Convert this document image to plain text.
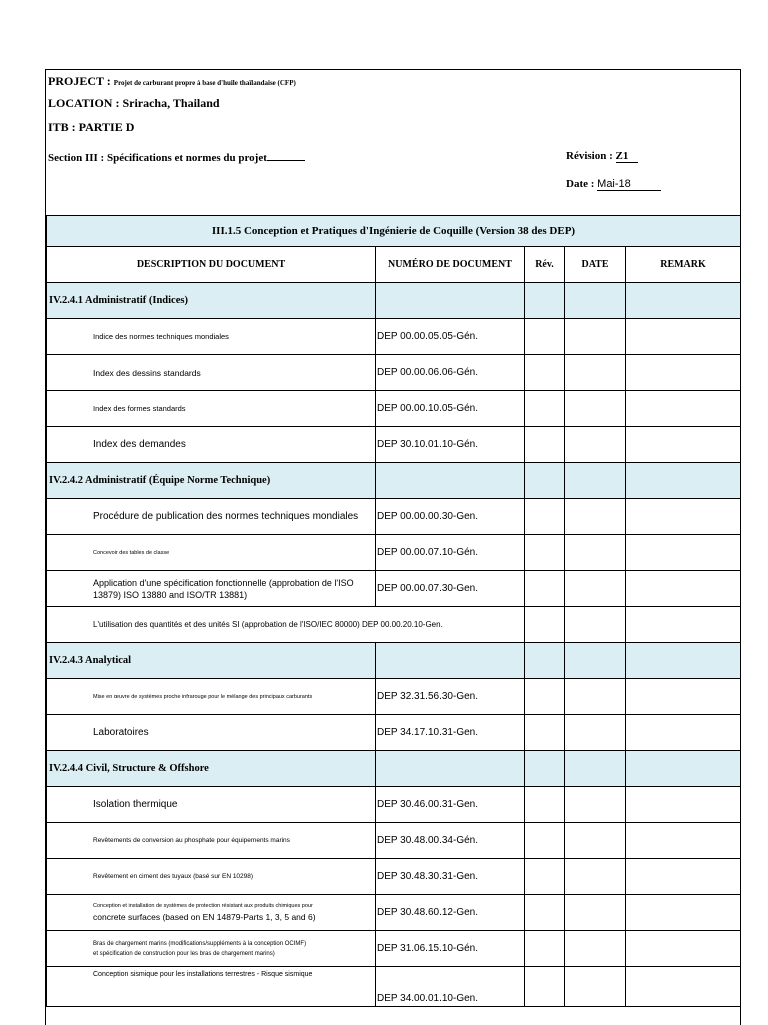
PROJECT : Projet de carburant propre à base d'huile thaïlandaise (CFP)
LOCATION : Sriracha, Thailand
ITB : PARTIE D
Section III : Spécifications et normes du projet	Révision : Z1
Date : Mai-18
III.1.5 Conception et Pratiques d'Ingénierie de Coquille (Version 38 des DEP)				
DESCRIPTION DU DOCUMENT	NUMÉRO DE DOCUMENT	Rév.	DATE	REMARK
IV.2.4.1 Administratif (Indices)				
Indice des normes techniques mondiales	DEP 00.00.05.05-Gén.			
Index des dessins standards	DEP 00.00.06.06-Gén.			
Index des formes standards	DEP 00.00.10.05-Gén.			
Index des demandes	DEP 30.10.01.10-Gén.			
IV.2.4.2 Administratif (Équipe Norme Technique)				
Procédure de publication des normes techniques mondiales	DEP 00.00.00.30-Gen.			
Concevoir des tables de classe	DEP 00.00.07.10-Gén.			

Application d'une spécification fonctionnelle (approbation de l'ISO 13879) ISO 13880 and ISO/TR 13881)	DEP 00.00.07.30-Gen.			
L'utilisation des quantités et des unités SI (approbation de l'ISO/IEC 80000) DEP 00.00.20.10-Gen.				
IV.2.4.3 Analytical				
Mise en œuvre de systèmes proche infrarouge pour le mélange des principaux carburants	DEP 32.31.56.30-Gen.			
Laboratoires	DEP 34.17.10.31-Gen.			
IV.2.4.4 Civil, Structure & Offshore				
Isolation thermique	DEP 30.46.00.31-Gen.			
Revêtements de conversion au phosphate pour équipements marins	DEP 30.48.00.34-Gén.			
Revêtement en ciment des tuyaux (basé sur EN 10298)	DEP 30.48.30.31-Gen.			

Conception et installation de systèmes de protection résistant aux produits chimiques pour
concrete surfaces (based on EN 14879-Parts 1, 3, 5 and 6)	DEP 30.48.60.12-Gen.			

Bras de chargement marins (modifications/suppléments à la conception OCIMF)
et spécification de construction pour les bras de chargement marins)	DEP 31.06.15.10-Gén.			
Conception sismique pour les installations terrestres - Risque sismique	DEP 34.00.01.10-Gen.			
